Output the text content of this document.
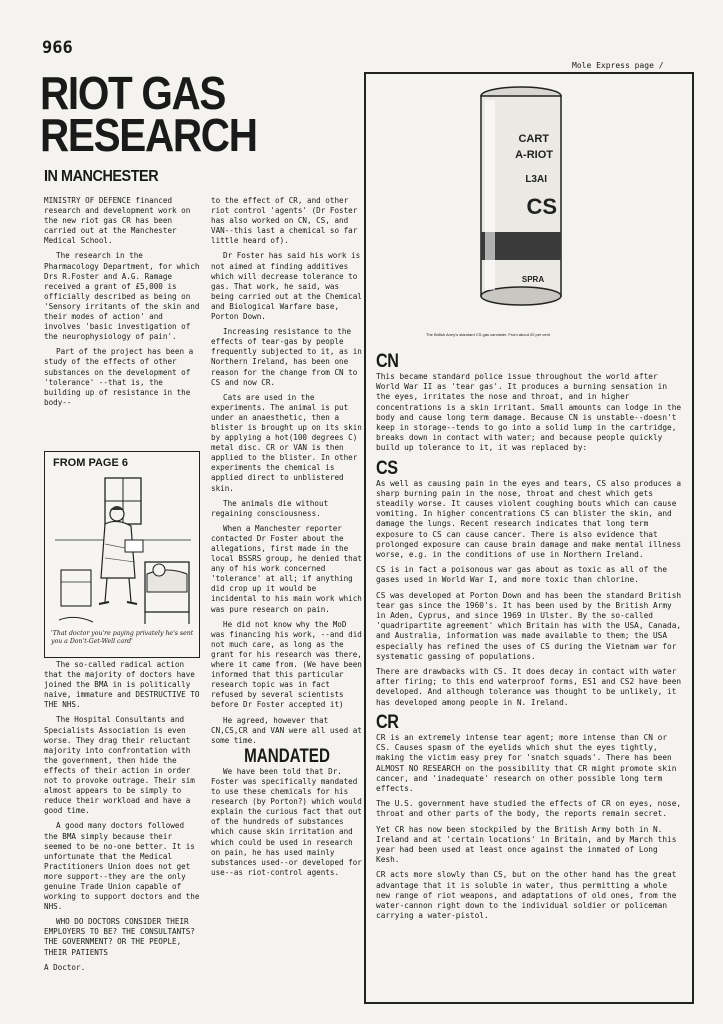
966
Mole Express page /
RIOT GAS RESEARCH
IN MANCHESTER

MINISTRY OF DEFENCE financed research and development work on the new riot gas CR has been carried out at the Manchester Medical School.

The research in the Pharmacology Department, for which Drs R.Foster and A.G. Ramage received a grant of £5,000 is officially described as being on 'Sensory irritants of the skin and their modes of action' and involves 'basic investigation of the neurophysiology of pain'.

Part of the project has been a study of the effects of other substances on the development of 'tolerance' --that is, the building up of resistance in the body--

FROM PAGE 6
'That doctor you're paying privately he's sent you a Don't-Get-Well card'

The so-called radical action that the majority of doctors have joined the BMA in is politically naive, immature and DESTRUCTIVE TO THE NHS.

The Hospital Consultants and Specialists Association is even worse. They drag their reluctant majority into confrontation with the government, then hide the effects of their action in order not to provoke outrage. Their sim almost appears to be simply to reduce their workload and have a good time.

A good many doctors followed the BMA simply because their seemed to be no-one better. It is unfortunate that the Medical Practitioners Union does not get more support--they are the only genuine Trade Union capable of working to support doctors and the NHS.

WHO DO DOCTORS CONSIDER THEIR EMPLOYERS TO BE? THE CONSULTANTS? THE GOVERNMENT? OR THE PEOPLE, THEIR PATIENTS

A Doctor.

to the effect of CR, and other riot control 'agents' (Dr Foster has also worked on CN, CS, and VAN--this last a chemical so far little heard of).

Dr Foster has said his work is not aimed at finding additives which will decrease tolerance to gas. That work, he said, was being carried out at the Chemical and Biological Warfare base, Porton Down.

Increasing resistance to the effects of tear-gas by people frequently subjected to it, as in Northern Ireland, has been one reason for the change from CN to CS and now CR.

Cats are used in the experiments. The animal is put under an anaesthetic, then a blister is brought up on its skin by applying a hot(100 degrees C) metal disc. CR or VAN is then applied to the blister. In other experiments the chemical is applied direct to unblistered skin.

The animals die without regaining consciousness.

When a Manchester reporter contacted Dr Foster about the allegations, first made in the local BSSRS group, he denied that any of his work concerned 'tolerance' at all; if anything did crop up it would be incidental to his main work which was pure research on pain.

He did not know why the MoD was financing his work, --and did not much care, as long as the grant for his research was there, where it came from. (We have been informed that this particular research topic was in fact refused by several scientists before Dr Foster accepted it)

He agreed, however that CN,CS,CR and VAN were all used at some time.

MANDATED

We have been told that Dr. Foster was specifically mandated to use these chemicals for his research (by Porton?) which would explain the curious fact that out of the hundreds of substances which cause skin irritation and which could be used in research on pain, he has used mainly substances used--or developed for use--as riot-control agents.

CART
A-RIOT
L3AI
CS
SPRA
The British Army's standard CS gas cannister. From about 20 per cent
CN

This became standard police issue throughout the world after World War II as 'tear gas'. It produces a burning sensation in the eyes, irritates the nose and throat, and in higher concentrations is a skin irritant. Small amounts can lodge in the body and cause long term damage. Because CN is unstable--doesn't keep in storage--tends to go into a solid lump in the cartridge, breaks down in contact with water; and because people quickly build up tolerance to it, it was replaced by:

CS

As well as causing pain in the eyes and tears, CS also produces a sharp burning pain in the nose, throat and chest which gets steadily worse. It causes violent coughing bouts which can cause vomiting. In higher concentrations CS can blister the skin, and damage the lungs. Recent research indicates that long term exposure to CS can cause cancer. There is also evidence that prolonged exposure can cause brain damage and make mental illness worse, e.g. in the conditions of use in Northern Ireland.

CS is in fact a poisonous war gas about as toxic as all of the gases used in World War I, and more toxic than chlorine.

CS was developed at Porton Down and has been the standard British tear gas since the 1960's. It has been used by the British Army in Aden, Cyprus, and since 1969 in Ulster. By the so-called 'quadripartite agreement' which Britain has with the USA, Canada, and Australia, information was made available to them; the USA especially has refined the uses of CS during the Vietnam war for systematic gassing of populations.

There are drawbacks with CS. It does decay in contact with water after firing; to this end waterproof forms, ES1 and CS2 have been developed. And although tolerance was thought to be unlikely, it has developed among people in N. Ireland.

CR

CR is an extremely intense tear agent; more intense than CN or CS. Causes spasm of the eyelids which shut the eyes tightly, making the victim easy prey for 'snatch squads'. There has been ALMOST NO RESEARCH on the possibility that CR might promote skin cancer, and 'inadequate' research on other possible long term effects.

The U.S. government have studied the effects of CR on eyes, nose, throat and other parts of the body, the reports remain secret.

Yet CR has now been stockpiled by the British Army both in N. Ireland and at 'certain locations' in Britain, and by March this year had been used at least once against the inmated of Long Kesh.

CR acts more slowly than CS, but on the other hand has the great advantage that it is soluble in water, thus permitting a whole new range of riot weapons, and adaptations of old ones, from the water-cannon right down to the individual soldier or policeman carrying a water-pistol.
